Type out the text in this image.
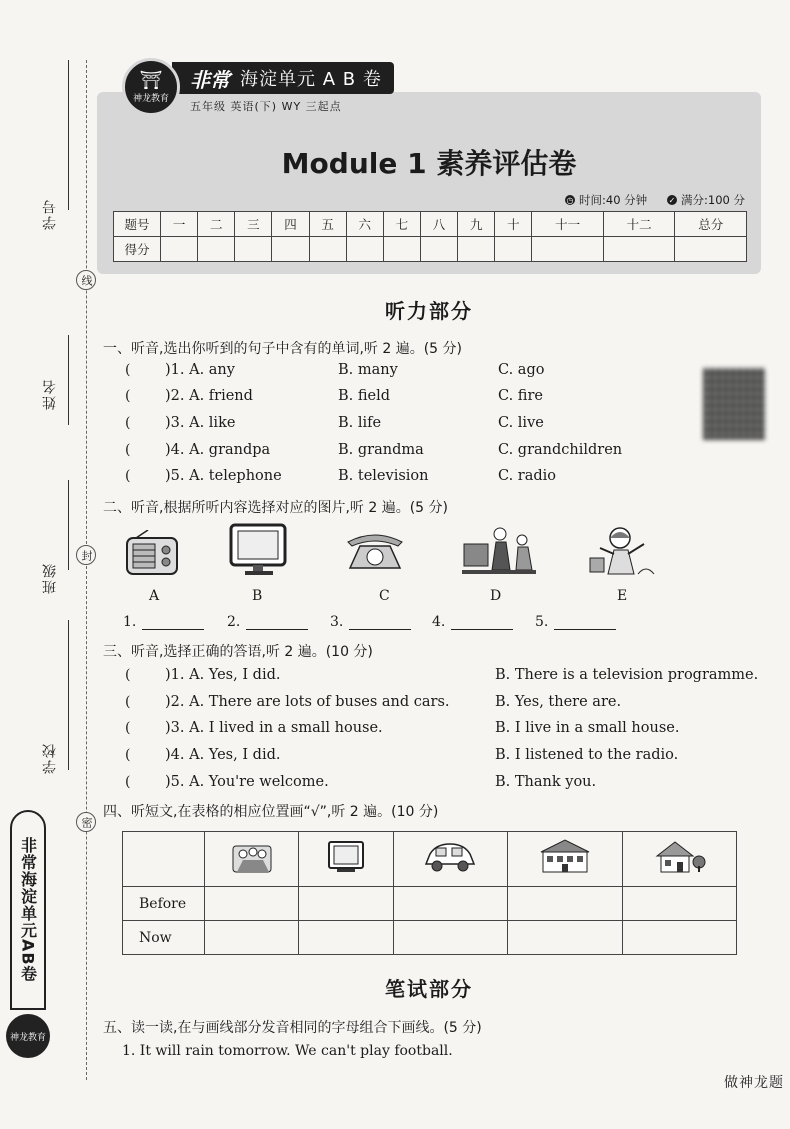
学号
姓名
班级
学校
线
封
密
非常海淀单元AB卷
神龙教育
⛩
神龙教育
非常 海淀单元 A B 卷
五年级 英语(下) WY 三起点
Module 1 素养评估卷
◷ 时间:40 分钟	✓ 满分:100 分
题号	一	二	三	四	五	六	七	八	九	十	十一	十二	总分
得分													
听力部分
一、听音,选出你听到的句子中含有的单词,听 2 遍。(5 分)
( )1. A. any	B. many	C. ago
( )2. A. friend	B. field	C. fire
( )3. A. like	B. life	C. live
( )4. A. grandpa	B. grandma	C. grandchildren
( )5. A. telephone	B. television	C. radio
二、听音,根据所听内容选择对应的图片,听 2 遍。(5 分)
A	B	C	D	E
1.	2.	3.	4.	5.
三、听音,选择正确的答语,听 2 遍。(10 分)
( )1. A. Yes, I did.	B. There is a television programme.
( )2. A. There are lots of buses and cars.	B. Yes, there are.
( )3. A. I lived in a small house.	B. I live in a small house.
( )4. A. Yes, I did.	B. I listened to the radio.
( )5. A. You're welcome.	B. Thank you.
四、听短文,在表格的相应位置画“√”,听 2 遍。(10 分)

Before					
Now					
笔试部分
五、读一读,在与画线部分发音相同的字母组合下画线。(5 分)
1. It will rain tomorrow. We can't play football.
做神龙题
